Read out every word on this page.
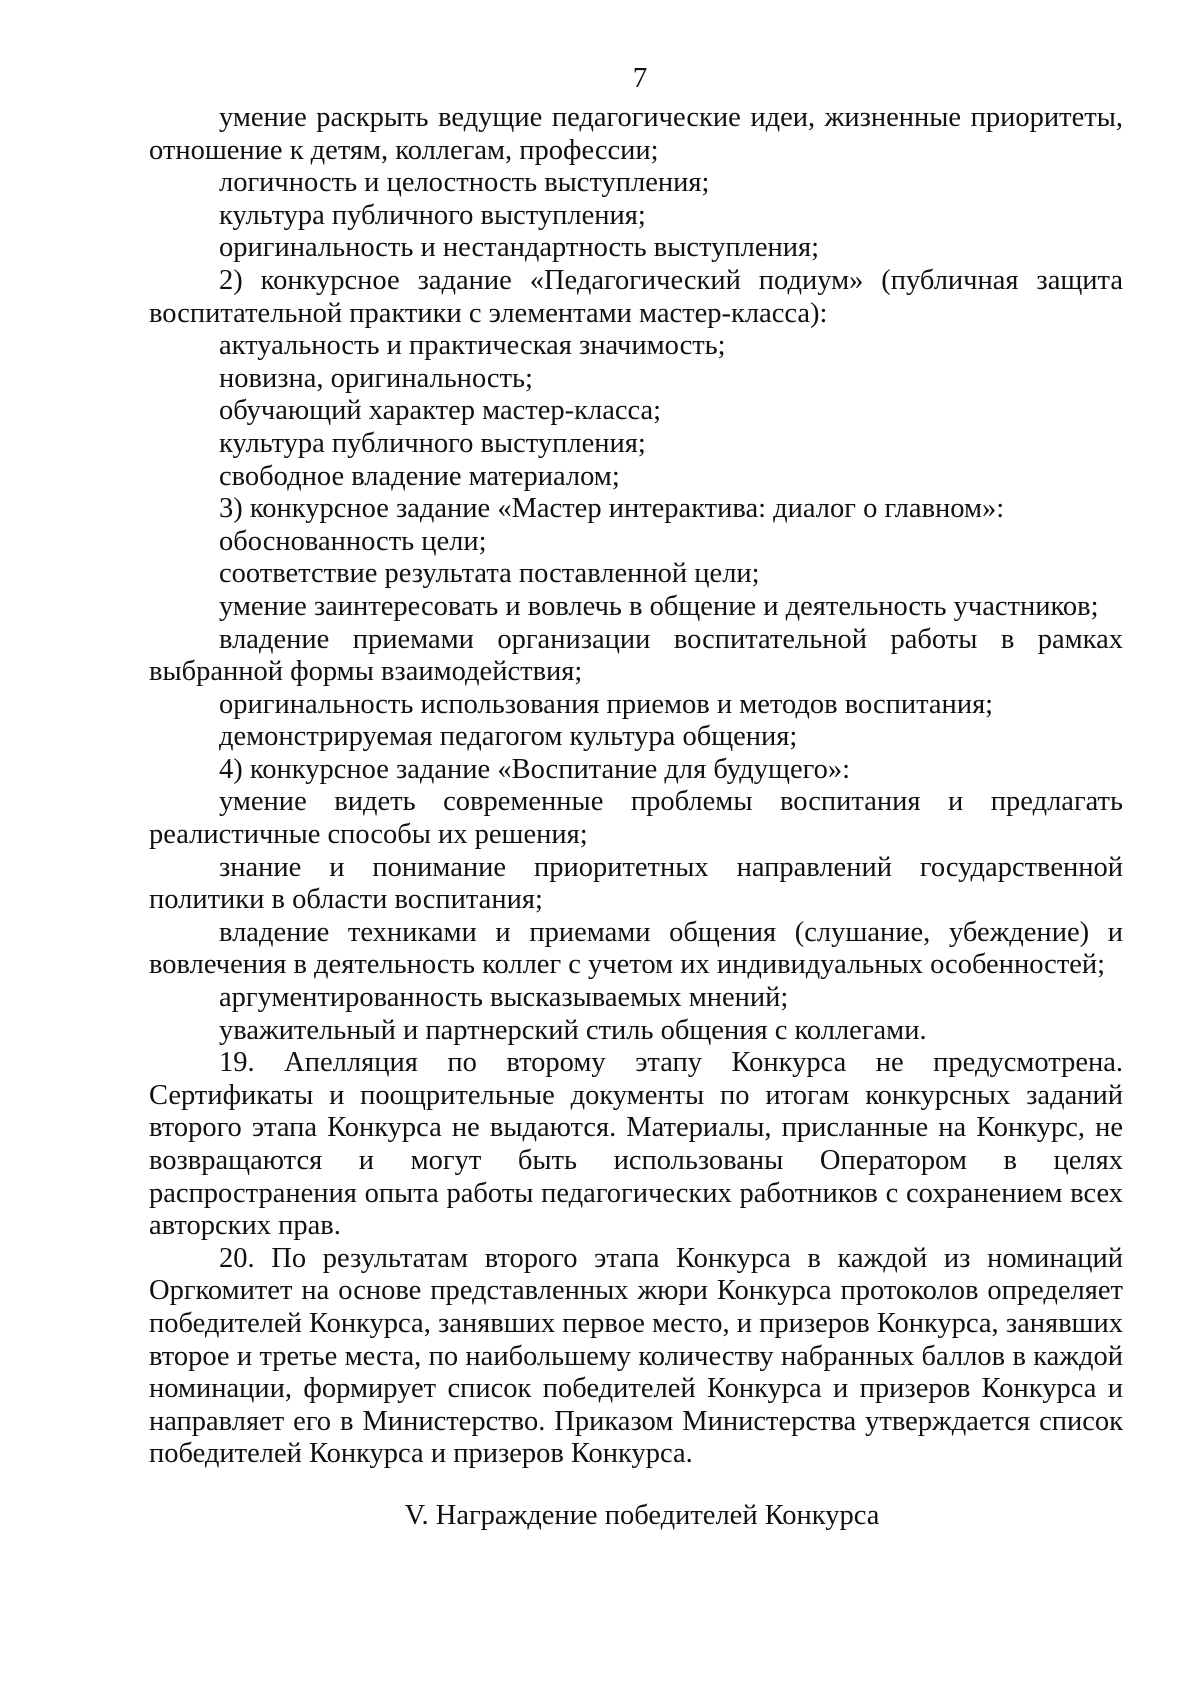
7
умение раскрыть ведущие педагогические идеи, жизненные приоритеты,
отношение к детям, коллегам, профессии;
логичность и целостность выступления;
культура публичного выступления;
оригинальность и нестандартность выступления;
2) конкурсное задание «Педагогический подиум» (публичная защита
воспитательной практики с элементами мастер-класса):
актуальность и практическая значимость;
новизна, оригинальность;
обучающий характер мастер-класса;
культура публичного выступления;
свободное владение материалом;
3) конкурсное задание «Мастер интерактива: диалог о главном»:
обоснованность цели;
соответствие результата поставленной цели;
умение заинтересовать и вовлечь в общение и деятельность участников;
владение приемами организации воспитательной работы в рамках
выбранной формы взаимодействия;
оригинальность использования приемов и методов воспитания;
демонстрируемая педагогом культура общения;
4) конкурсное задание «Воспитание для будущего»:
умение видеть современные проблемы воспитания и предлагать
реалистичные способы их решения;
знание и понимание приоритетных направлений государственной
политики в области воспитания;
владение техниками и приемами общения (слушание, убеждение) и
вовлечения в деятельность коллег с учетом их индивидуальных особенностей;
аргументированность высказываемых мнений;
уважительный и партнерский стиль общения с коллегами.
19. Апелляция по второму этапу Конкурса не предусмотрена.
Сертификаты и поощрительные документы по итогам конкурсных заданий
второго этапа Конкурса не выдаются. Материалы, присланные на Конкурс, не
возвращаются и могут быть использованы Оператором в целях
распространения опыта работы педагогических работников с сохранением всех
авторских прав.
20. По результатам второго этапа Конкурса в каждой из номинаций
Оргкомитет на основе представленных жюри Конкурса протоколов определяет
победителей Конкурса, занявших первое место, и призеров Конкурса, занявших
второе и третье места, по наибольшему количеству набранных баллов в каждой
номинации, формирует список победителей Конкурса и призеров Конкурса и
направляет его в Министерство. Приказом Министерства утверждается список
победителей Конкурса и призеров Конкурса.
V. Награждение победителей Конкурса
